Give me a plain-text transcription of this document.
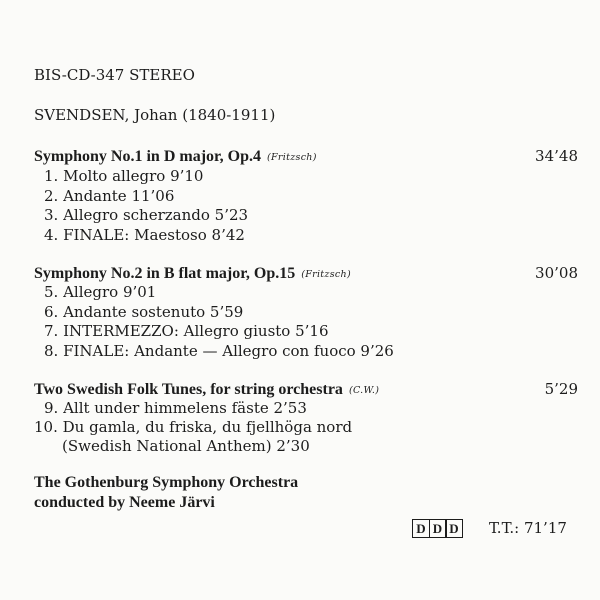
BIS-CD-347 STEREO
SVENDSEN, Johan (1840-1911)
Symphony No.1 in D major, Op.4 (Fritzsch)	34’48
1. Molto allegro 9’10
2. Andante 11’06
3. Allegro scherzando 5’23
4. FINALE: Maestoso 8’42
Symphony No.2 in B flat major, Op.15 (Fritzsch)	30’08
5. Allegro 9’01
6. Andante sostenuto 5’59
7. INTERMEZZO: Allegro giusto 5’16
8. FINALE: Andante — Allegro con fuoco 9’26
Two Swedish Folk Tunes, for string orchestra (C.W.)	5’29
9. Allt under himmelens fäste 2’53
10. Du gamla, du friska, du fjellhöga nord
(Swedish National Anthem) 2’30
The Gothenburg Symphony Orchestra
conducted by Neeme Järvi
D D D T.T.: 71’17
